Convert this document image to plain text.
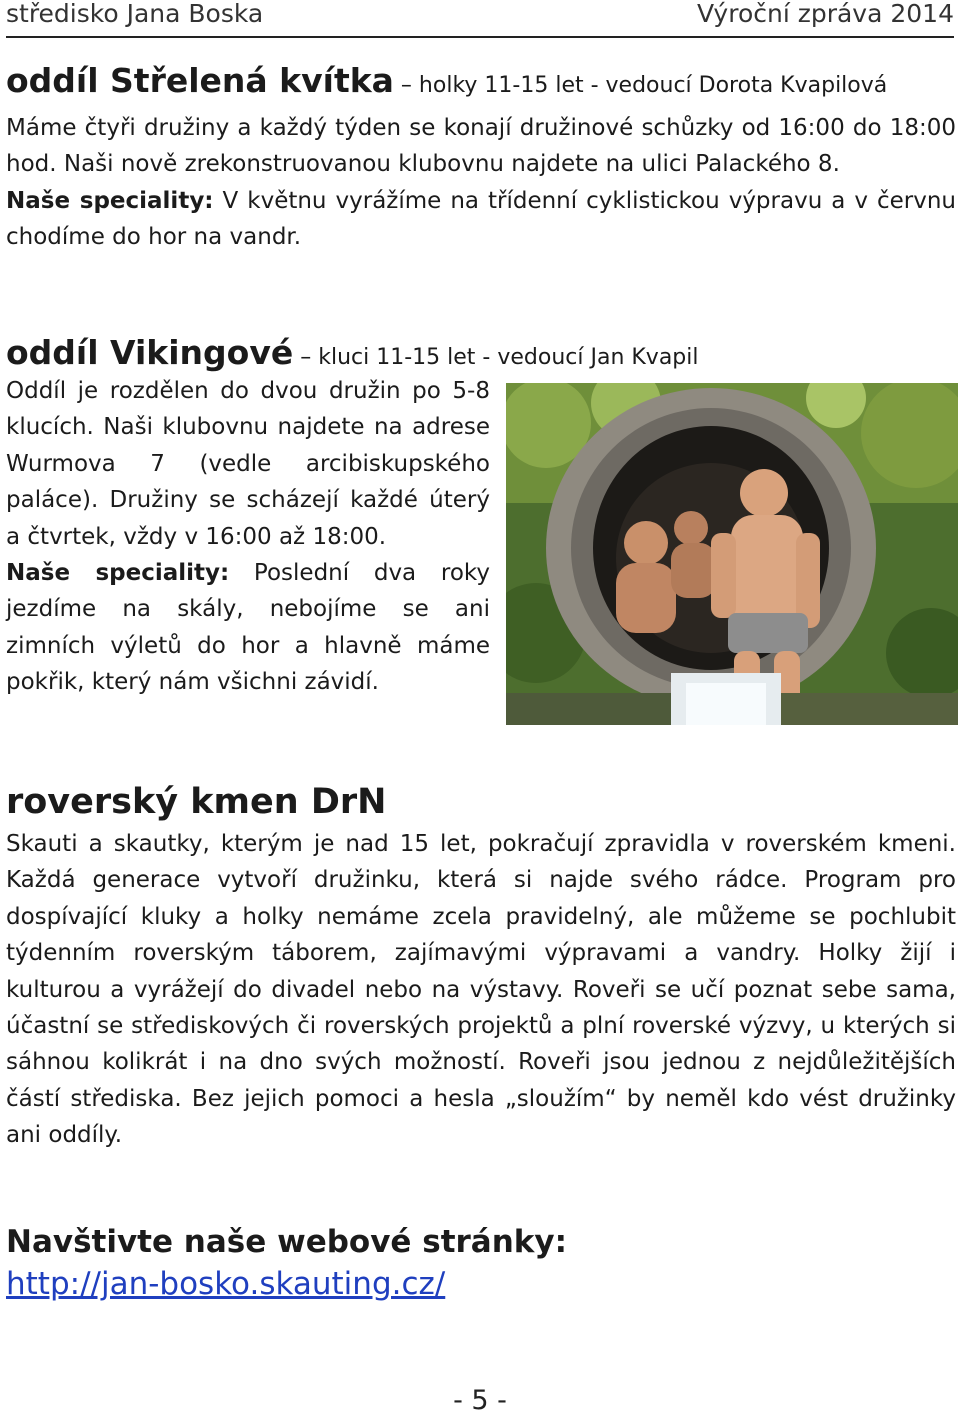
středisko Jana Boska	Výroční zpráva 2014
oddíl Střelená kvítka – holky 11-15 let - vedoucí Dorota Kvapilová

Máme čtyři družiny a každý týden se konají družinové schůzky od 16:00 do 18:00 hod. Naši nově zrekonstruovanou klubovnu najdete na ulici Palackého 8.
Naše speciality: V květnu vyrážíme na třídenní cyklistickou výpravu a v červnu chodíme do hor na vandr.

oddíl Vikingové – kluci 11-15 let - vedoucí Jan Kvapil

Oddíl je rozdělen do dvou družin po 5-8 klucích. Naši klubovnu najdete na adrese Wurmova 7 (vedle arcibiskupského paláce). Družiny se scházejí každé úterý a čtvrtek, vždy v 16:00 až 18:00.
Naše speciality: Poslední dva roky jezdíme na skály, nebojíme se ani zimních výletů do hor a hlavně máme pokřik, který nám všichni závidí.

roverský kmen DrN

Skauti a skautky, kterým je nad 15 let, pokračují zpravidla v roverském kmeni. Každá generace vytvoří družinku, která si najde svého rádce. Program pro dospívající kluky a holky nemáme zcela pravidelný, ale můžeme se pochlubit týdenním roverským táborem, zajímavými výpravami a vandry. Holky žijí i kulturou a vyrážejí do divadel nebo na výstavy. Roveři se učí poznat sebe sama, účastní se střediskových či roverských projektů a plní roverské výzvy, u kterých si sáhnou kolikrát i na dno svých možností. Roveři jsou jednou z nejdůležitějších částí střediska. Bez jejich pomoci a hesla „sloužím“ by neměl kdo vést družinky ani oddíly.

Navštivte naše webové stránky:
http://jan-bosko.skauting.cz/
- 5 -
